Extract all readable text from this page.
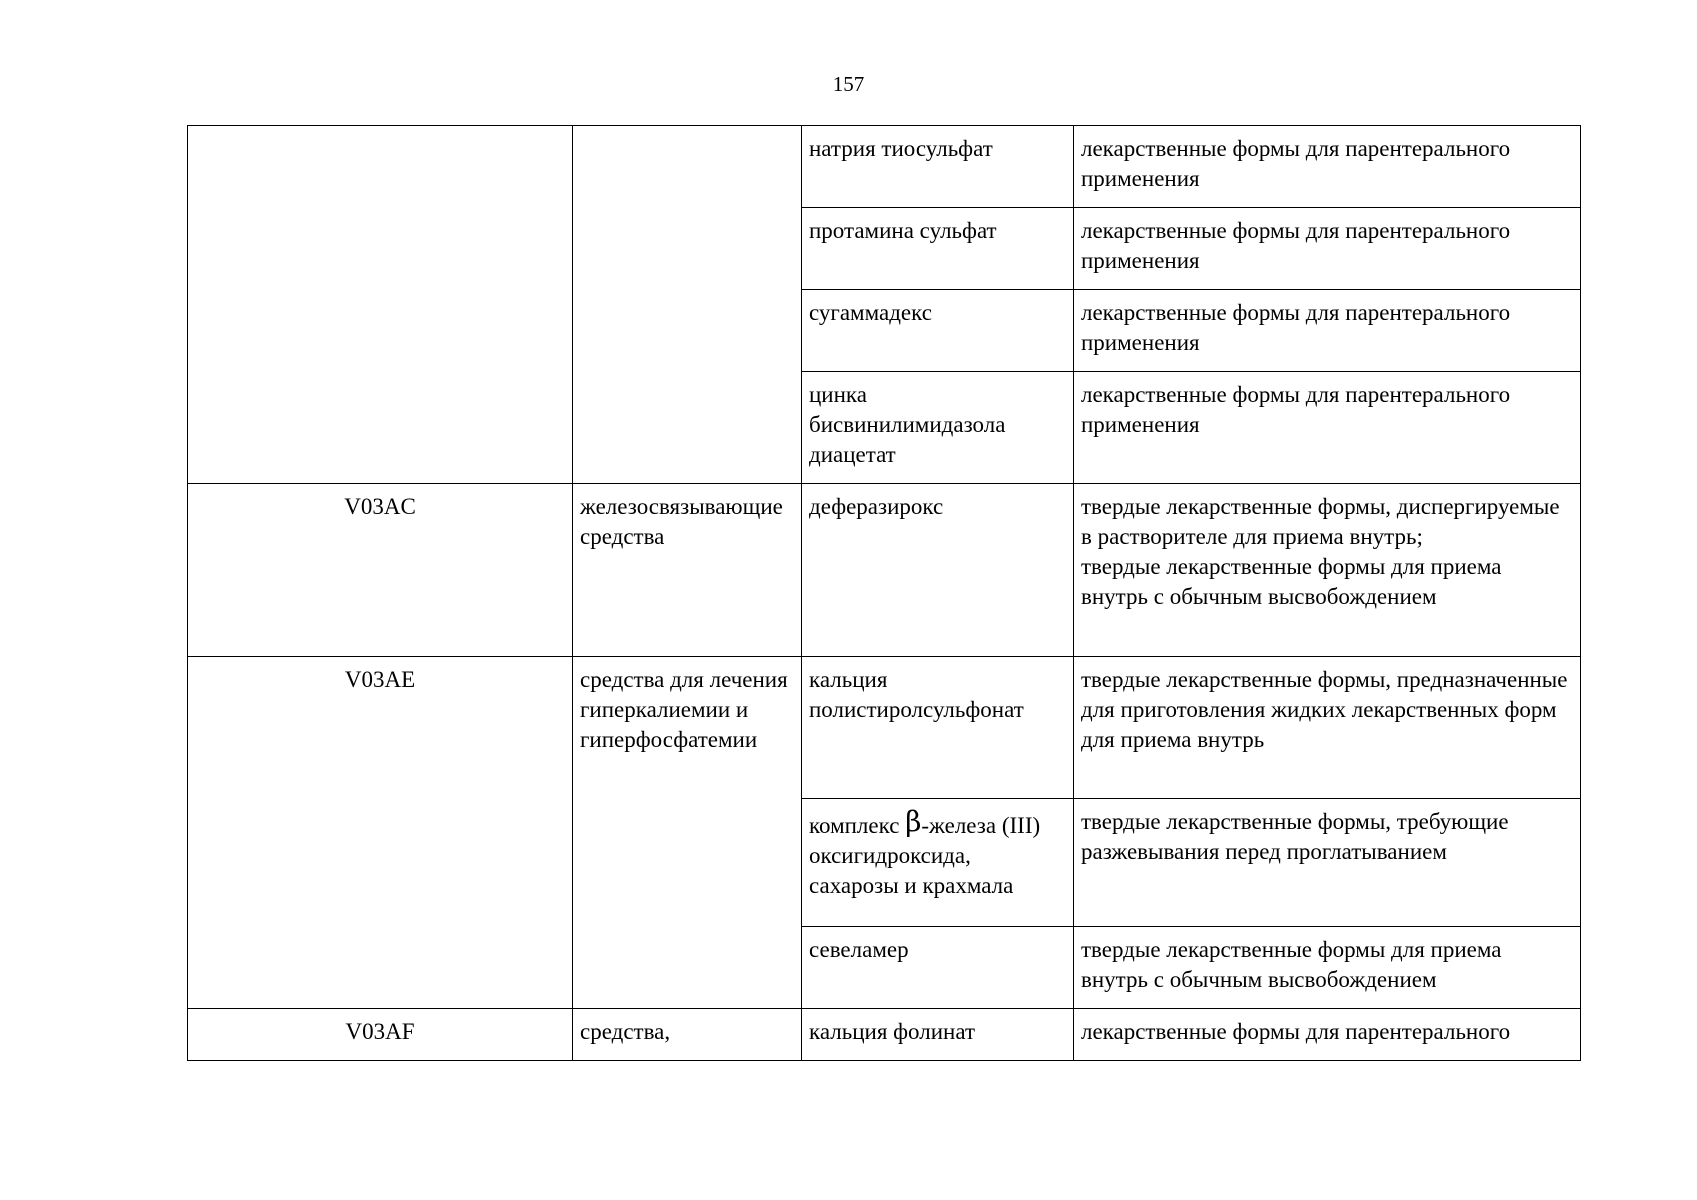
157
		натрия тиосульфат	лекарственные формы для парентерального применения
		протамина сульфат	лекарственные формы для парентерального применения
		сугаммадекс	лекарственные формы для парентерального применения
		цинка бисвинилимидазола диацетат	лекарственные формы для парентерального применения
V03AC	железосвязывающие средства	деферазирокс	твердые лекарственные формы, диспергируемые в растворителе для приема внутрь;
твердые лекарственные формы для приема внутрь с обычным высвобождением

V03AE	средства для лечения гиперкалиемии и гиперфосфатемии	кальция полистиролсульфонат	твердые лекарственные формы, предназначенные для приготовления жидких лекарственных форм для приема внутрь
		комплекс β-железа (III) оксигидроксида, сахарозы и крахмала	твердые лекарственные формы, требующие разжевывания перед проглатыванием
		севеламер	твердые лекарственные формы для приема внутрь с обычным высвобождением
V03AF	средства,	кальция фолинат	лекарственные формы для парентерального
